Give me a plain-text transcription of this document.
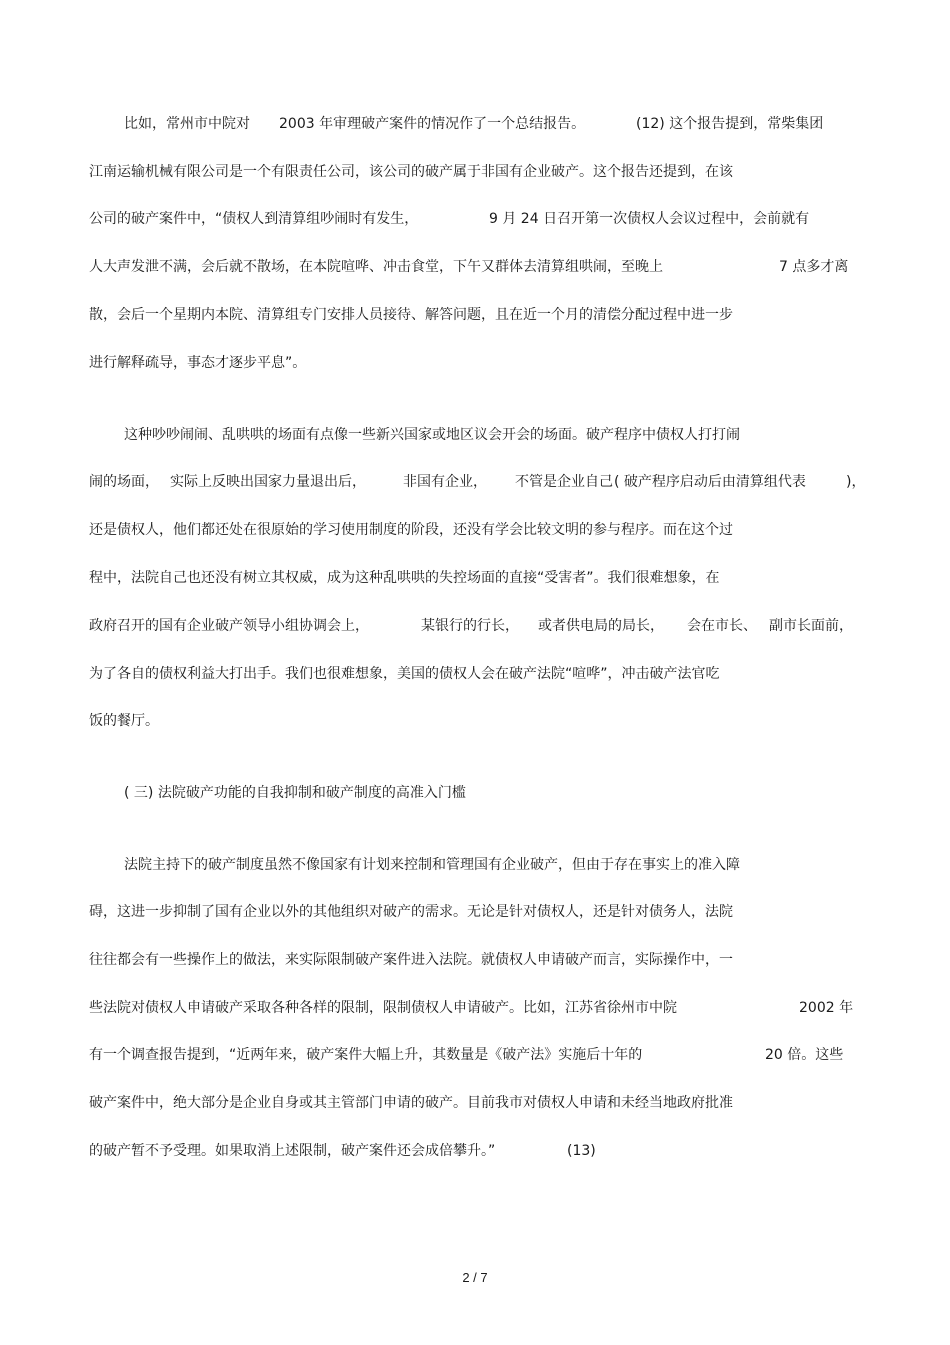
比如，常州市中院对

2003 年审理破产案件的情况作了一个总结报告。

	(12) 这个报告提到，常柴集团

江南运输机械有限公司是一个有限责任公司，该公司的破产属于非国有企业破产。这个报告还提到，在该

公司的破产案件中，“债权人到清算组吵闹时有发生，

	9 月 24 日召开第一次债权人会议过程中，会前就有

人大声发泄不满，会后就不散场，在本院喧哗、冲击食堂，下午又群体去清算组哄闹，至晚上

	7 点多才离

散，会后一个星期内本院、清算组专门安排人员接待、解答问题，且在近一个月的清偿分配过程中进一步

进行解释疏导，事态才逐步平息”。

这种吵吵闹闹、乱哄哄的场面有点像一些新兴国家或地区议会开会的场面。破产程序中债权人打打闹

闹的场面，

实际上反映出国家力量退出后，

	非国有企业，

不管是企业自己

( 破产程序启动后由清算组代表

	)，

还是债权人，他们都还处在很原始的学习使用制度的阶段，还没有学会比较文明的参与程序。而在这个过

程中，法院自己也还没有树立其权威，成为这种乱哄哄的失控场面的直接“受害者”。我们很难想象，在

政府召开的国有企业破产领导小组协调会上，

	某银行的行长，

或者供电局的局长，

会在市长、

副市长面前，

为了各自的债权利益大打出手。我们也很难想象，美国的债权人会在破产法院“喧哗”，冲击破产法官吃

饭的餐厅。

( 三) 法院破产功能的自我抑制和破产制度的高准入门槛

法院主持下的破产制度虽然不像国家有计划来控制和管理国有企业破产，但由于存在事实上的准入障

碍，这进一步抑制了国有企业以外的其他组织对破产的需求。无论是针对债权人，还是针对债务人，法院

往往都会有一些操作上的做法，来实际限制破产案件进入法院。就债权人申请破产而言，实际操作中，一

些法院对债权人申请破产采取各种各样的限制，限制债权人申请破产。比如，江苏省徐州市中院

	2002 年

有一个调查报告提到，“近两年来，破产案件大幅上升，其数量是《破产法》实施后十年的

	20 倍。这些

破产案件中，绝大部分是企业自身或其主管部门申请的破产。目前我市对债权人申请和未经当地政府批准

的破产暂不予受理。如果取消上述限制，破产案件还会成倍攀升。”

	(13)

2 / 7
